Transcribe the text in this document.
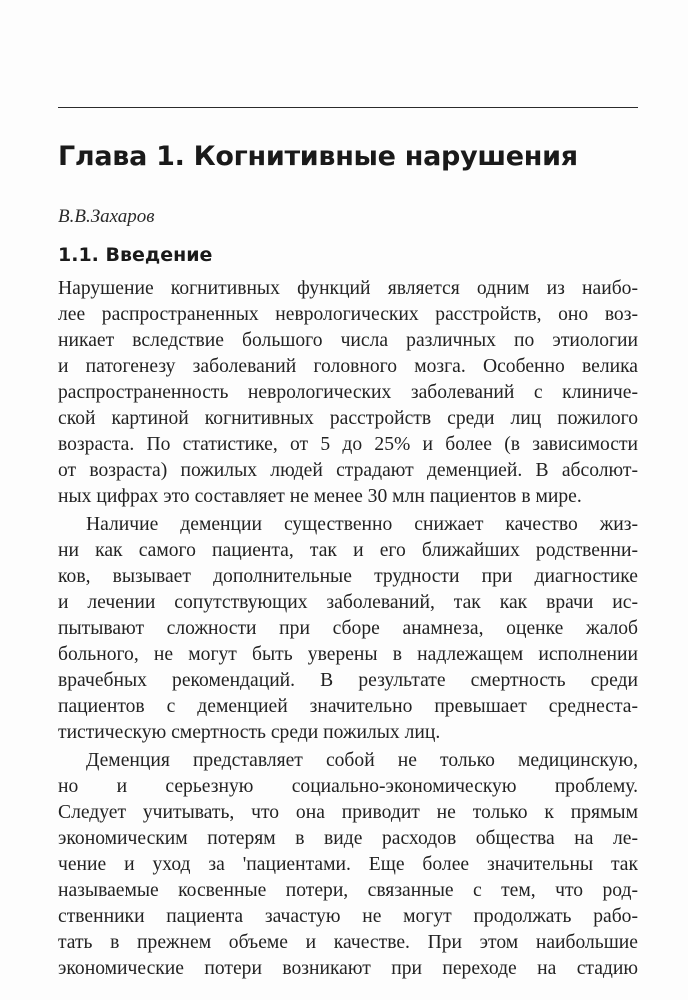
Глава 1. Когнитивные нарушения

В.В.Захаров

1.1. Введение
Нарушение когнитивных функций является одним из наибо-
лее распространенных неврологических расстройств, оно воз-
никает вследствие большого числа различных по этиологии
и патогенезу заболеваний головного мозга. Особенно велика
распространенность неврологических заболеваний с клиниче-
ской картиной когнитивных расстройств среди лиц пожилого
возраста. По статистике, от 5 до 25% и более (в зависимости
от возраста) пожилых людей страдают деменцией. В абсолют-
ных цифрах это составляет не менее 30 млн пациентов в мире.
Наличие деменции существенно снижает качество жиз-
ни как самого пациента, так и его ближайших родственни-
ков, вызывает дополнительные трудности при диагностике
и лечении сопутствующих заболеваний, так как врачи ис-
пытывают сложности при сборе анамнеза, оценке жалоб
больного, не могут быть уверены в надлежащем исполнении
врачебных рекомендаций. В результате смертность среди
пациентов с деменцией значительно превышает среднеста-
тистическую смертность среди пожилых лиц.
Деменция представляет собой не только медицинскую,
но и серьезную социально-экономическую проблему.
Следует учитывать, что она приводит не только к прямым
экономическим потерям в виде расходов общества на ле-
чение и уход за 'пациентами. Еще более значительны так
называемые косвенные потери, связанные с тем, что род-
ственники пациента зачастую не могут продолжать рабо-
тать в прежнем объеме и качестве. При этом наибольшие
экономические потери возникают при переходе на стадию
